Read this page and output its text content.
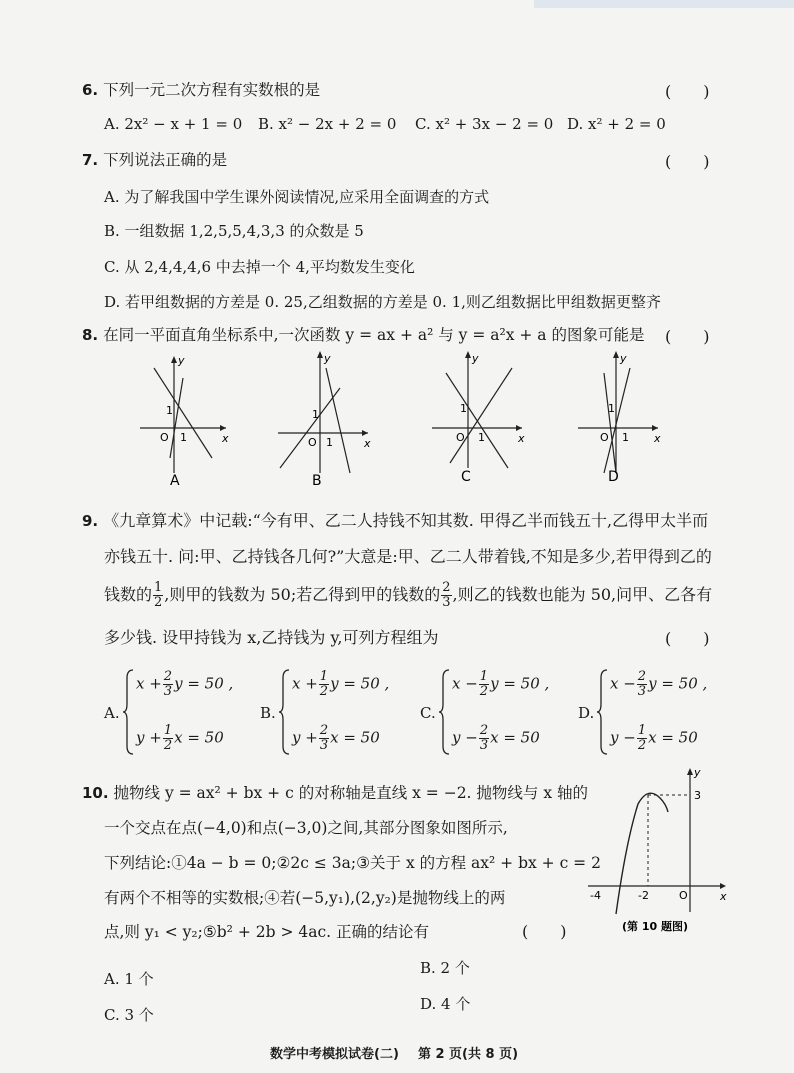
6. 下列一元二次方程有实数根的是	(　　)
A. 2x² − x + 1 = 0 B. x² − 2x + 2 = 0 C. x² + 3x − 2 = 0 D. x² + 2 = 0
7. 下列说法正确的是	(　　)
A. 为了解我国中学生课外阅读情况,应采用全面调查的方式
B. 一组数据 1,2,5,5,4,3,3 的众数是 5
C. 从 2,4,4,4,6 中去掉一个 4,平均数发生变化
D. 若甲组数据的方差是 0. 25,乙组数据的方差是 0. 1,则乙组数据比甲组数据更整齐
8. 在同一平面直角坐标系中,一次函数 y = ax + a² 与 y = a²x + a 的图象可能是 (　　)
y
x
O 1
1
A
y
x
O 1
1
B
y
x
O 1
1
C
y
x
O 1
1
D
9. 《九章算术》中记载:“今有甲、乙二人持钱不知其数. 甲得乙半而钱五十,乙得甲太半而
亦钱五十. 问:甲、乙持钱各几何?”大意是:甲、乙二人带着钱,不知是多少,若甲得到乙的
钱数的 $\frac{1}{2}$ ,则甲的钱数为 50;若乙得到甲的钱数的 $\frac{2}{3}$ ,则乙的钱数也能为 50,问甲、乙各有
多少钱. 设甲持钱为 x,乙持钱为 y,可列方程组为	(　　)
A.
$x + \frac{2}{3}$ y = 50 ,
$y + \frac{1}{2}$ x = 50
B.
$x + \frac{1}{2}$ y = 50 ,
$y + \frac{2}{3}$ x = 50
C.
$x - \frac{1}{2}$ y = 50 ,
$y - \frac{2}{3}$ x = 50
D.
$x - \frac{2}{3}$ y = 50 ,
$y - \frac{1}{2}$ x = 50
10. 抛物线 y = ax² + bx + c 的对称轴是直线 x = −2. 抛物线与 x 轴的
一个交点在点(−4,0)和点(−3,0)之间,其部分图象如图所示,
下列结论:①4a − b = 0;②2c ≤ 3a;③关于 x 的方程 ax² + bx + c = 2
有两个不相等的实数根;④若(−5,y₁),(2,y₂)是抛物线上的两
点,则 y₁ < y₂;⑤b² + 2b > 4ac. 正确的结论有	(　　)
A. 1 个
B. 2 个
C. 3 个
D. 4 个
y
x
3
-4	-2	O
(第 10 题图)
数学中考模拟试卷(二) 第 2 页(共 8 页)
